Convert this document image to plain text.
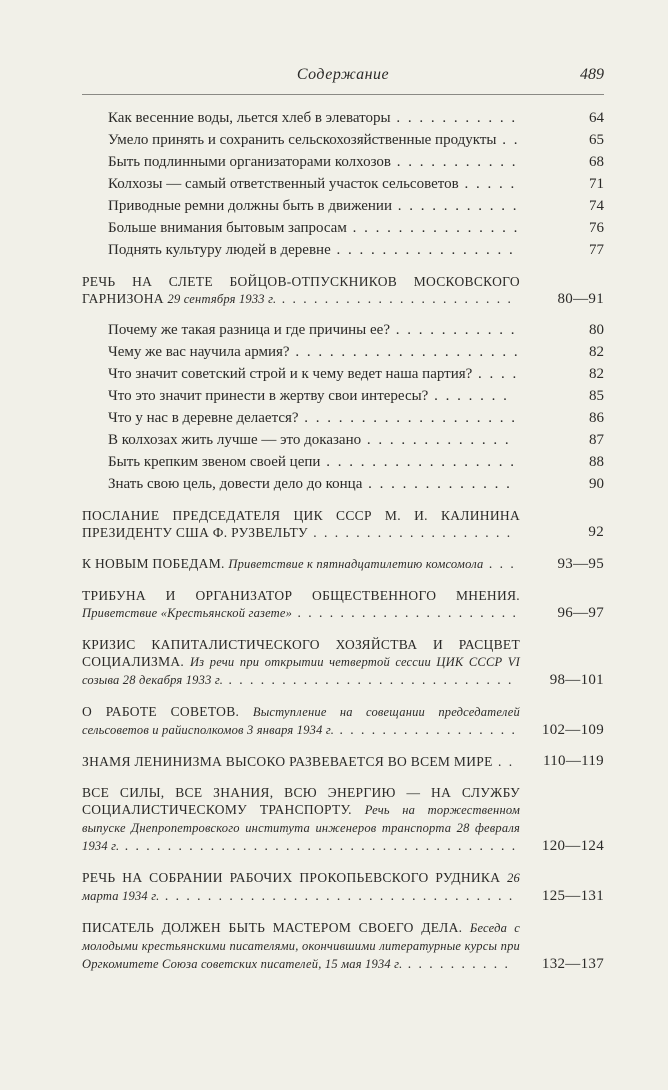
Содержание	489
Как весенние воды, льется хлеб в элеваторы . . . . . . . . . . .	64
Умело принять и сохранить сельскохозяйственные продукты . .	65
Быть подлинными организаторами колхозов . . . . . . . . . . .	68
Колхозы — самый ответственный участок сельсоветов . . . . .	71
Приводные ремни должны быть в движении . . . . . . . . . . .	74
Больше внимания бытовым запросам . . . . . . . . . . . . . . .	76
Поднять культуру людей в деревне . . . . . . . . . . . . . . . .	77
РЕЧЬ НА СЛЕТЕ БОЙЦОВ-ОТПУСКНИКОВ МОСКОВСКОГО ГАРНИЗОНА 29 сентября 1933 г. . . . . . . . . . . . . . . . . . . . . . .	80—91
Почему же такая разница и где причины ее? . . . . . . . . . . .	80
Чему же вас научила армия? . . . . . . . . . . . . . . . . . . . .	82
Что значит советский строй и к чему ведет наша партия? . . . .	82
Что это значит принести в жертву свои интересы? . . . . . . .	85
Что у нас в деревне делается? . . . . . . . . . . . . . . . . . . .	86
В колхозах жить лучше — это доказано . . . . . . . . . . . . .	87
Быть крепким звеном своей цепи . . . . . . . . . . . . . . . . .	88
Знать свою цель, довести дело до конца . . . . . . . . . . . . .	90
ПОСЛАНИЕ ПРЕДСЕДАТЕЛЯ ЦИК СССР М. И. КАЛИНИНА ПРЕЗИДЕНТУ США Ф. РУЗВЕЛЬТУ . . . . . . . . . . . . . . . . . . .	92
К НОВЫМ ПОБЕДАМ. Приветствие к пятнадцатилетию комсомола . . .	93—95
ТРИБУНА И ОРГАНИЗАТОР ОБЩЕСТВЕННОГО МНЕНИЯ. Приветствие «Крестьянской газете» . . . . . . . . . . . . . . . . . . . . .	96—97
КРИЗИС КАПИТАЛИСТИЧЕСКОГО ХОЗЯЙСТВА И РАСЦВЕТ СОЦИАЛИЗМА. Из речи при открытии четвертой сессии ЦИК СССР VI созыва 28 декабря 1933 г. . . . . . . . . . . . . . . . . . . . . . . . . . . .	98—101
О РАБОТЕ СОВЕТОВ. Выступление на совещании председателей сельсоветов и райисполкомов 3 января 1934 г. . . . . . . . . . . . . . . . . .	102—109
ЗНАМЯ ЛЕНИНИЗМА ВЫСОКО РАЗВЕВАЕТСЯ ВО ВСЕМ МИРЕ . .	110—119
ВСЕ СИЛЫ, ВСЕ ЗНАНИЯ, ВСЮ ЭНЕРГИЮ — НА СЛУЖБУ СОЦИАЛИСТИЧЕСКОМУ ТРАНСПОРТУ. Речь на торжественном выпуске Днепропетровского института инженеров транспорта 28 февраля 1934 г. . . . . . . . . . . . . . . . . . . . . . . . . . . . . . . . . . . . . .	120—124
РЕЧЬ НА СОБРАНИИ РАБОЧИХ ПРОКОПЬЕВСКОГО РУДНИКА 26 марта 1934 г. . . . . . . . . . . . . . . . . . . . . . . . . . . . . . . . . .	125—131
ПИСАТЕЛЬ ДОЛЖЕН БЫТЬ МАСТЕРОМ СВОЕГО ДЕЛА. Беседа с молодыми крестьянскими писателями, окончившими литературные курсы при Оргкомитете Союза советских писателей, 15 мая 1934 г. . . . . . . . . . .	132—137
